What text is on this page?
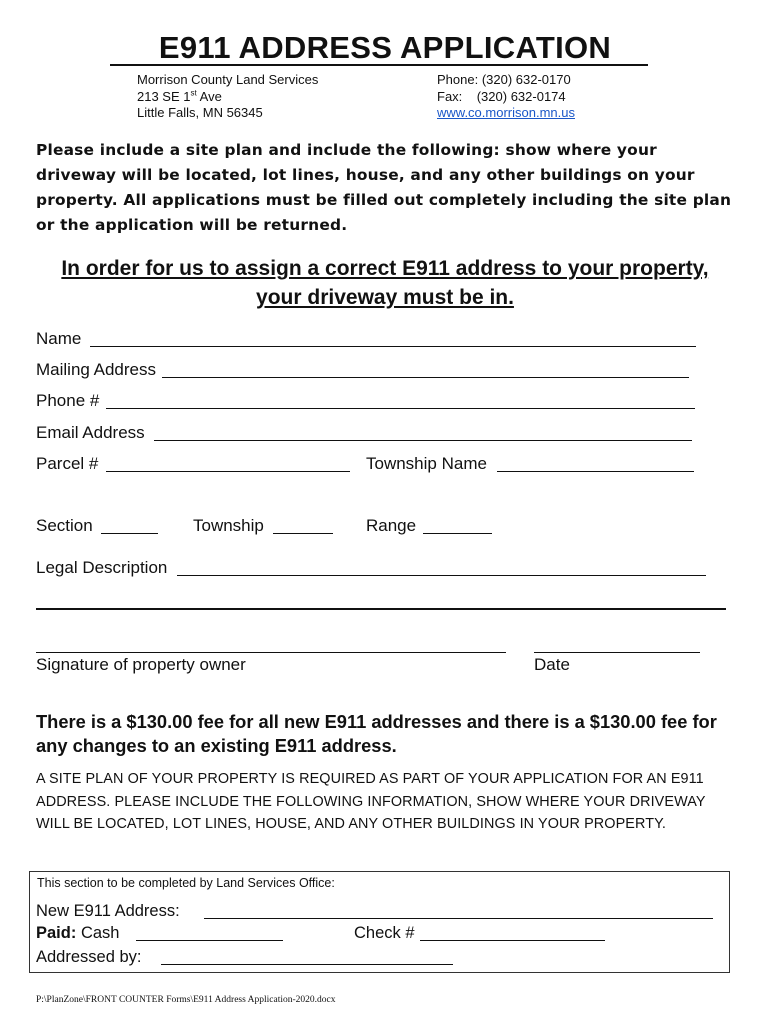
E911 ADDRESS APPLICATION
Morrison County Land Services
213 SE 1st Ave
Little Falls, MN 56345
Phone: (320) 632-0170
Fax:    (320) 632-0174
www.co.morrison.mn.us
Please include a site plan and include the following: show where your driveway will be located, lot lines, house, and any other buildings on your property. All applications must be filled out completely including the site plan or the application will be returned.
In order for us to assign a correct E911 address to your property, your driveway must be in.
Name
Mailing Address
Phone #
Email Address
Parcel #	Township Name
Section	Township	Range
Legal Description
Signature of property owner	Date
There is a $130.00 fee for all new E911 addresses and there is a $130.00 fee for any changes to an existing E911 address.
A SITE PLAN OF YOUR PROPERTY IS REQUIRED AS PART OF YOUR APPLICATION FOR AN E911 ADDRESS. PLEASE INCLUDE THE FOLLOWING INFORMATION, SHOW WHERE YOUR DRIVEWAY WILL BE LOCATED, LOT LINES, HOUSE, AND ANY OTHER BUILDINGS IN YOUR PROPERTY.
This section to be completed by Land Services Office:
New E911 Address:
Paid: Cash	Check #
Addressed by:
P:\PlanZone\FRONT COUNTER Forms\E911 Address Application-2020.docx
